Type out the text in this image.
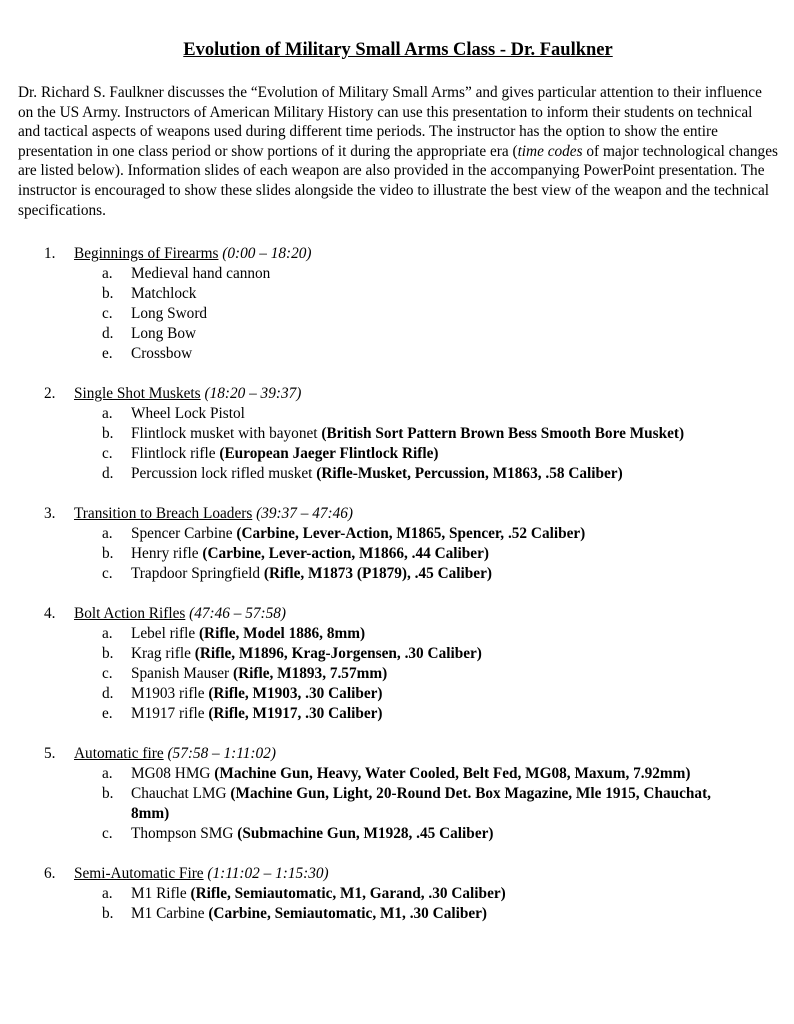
Evolution of Military Small Arms Class - Dr. Faulkner

Dr. Richard S. Faulkner discusses the “Evolution of Military Small Arms” and gives particular attention to their influence on the US Army. Instructors of American Military History can use this presentation to inform their students on technical and tactical aspects of weapons used during different time periods. The instructor has the option to show the entire presentation in one class period or show portions of it during the appropriate era (time codes of major technological changes are listed below). Information slides of each weapon are also provided in the accompanying PowerPoint presentation. The instructor is encouraged to show these slides alongside the video to illustrate the best view of the weapon and the technical specifications.

1. Beginnings of Firearms (0:00 – 18:20)
a. Medieval hand cannon
b. Matchlock
c. Long Sword
d. Long Bow
e. Crossbow
2. Single Shot Muskets (18:20 – 39:37)
a. Wheel Lock Pistol
b. Flintlock musket with bayonet (British Sort Pattern Brown Bess Smooth Bore Musket)
c. Flintlock rifle (European Jaeger Flintlock Rifle)
d. Percussion lock rifled musket (Rifle-Musket, Percussion, M1863, .58 Caliber)
3. Transition to Breach Loaders (39:37 – 47:46)
a. Spencer Carbine (Carbine, Lever-Action, M1865, Spencer, .52 Caliber)
b. Henry rifle (Carbine, Lever-action, M1866, .44 Caliber)
c. Trapdoor Springfield (Rifle, M1873 (P1879), .45 Caliber)
4. Bolt Action Rifles (47:46 – 57:58)
a. Lebel rifle (Rifle, Model 1886, 8mm)
b. Krag rifle (Rifle, M1896, Krag-Jorgensen, .30 Caliber)
c. Spanish Mauser (Rifle, M1893, 7.57mm)
d. M1903 rifle (Rifle, M1903, .30 Caliber)
e. M1917 rifle (Rifle, M1917, .30 Caliber)
5. Automatic fire (57:58 – 1:11:02)
a. MG08 HMG (Machine Gun, Heavy, Water Cooled, Belt Fed, MG08, Maxum, 7.92mm)
b. Chauchat LMG (Machine Gun, Light, 20-Round Det. Box Magazine, Mle 1915, Chauchat, 8mm)
c. Thompson SMG (Submachine Gun, M1928, .45 Caliber)
6. Semi-Automatic Fire (1:11:02 – 1:15:30)
a. M1 Rifle (Rifle, Semiautomatic, M1, Garand, .30 Caliber)
b. M1 Carbine (Carbine, Semiautomatic, M1, .30 Caliber)
